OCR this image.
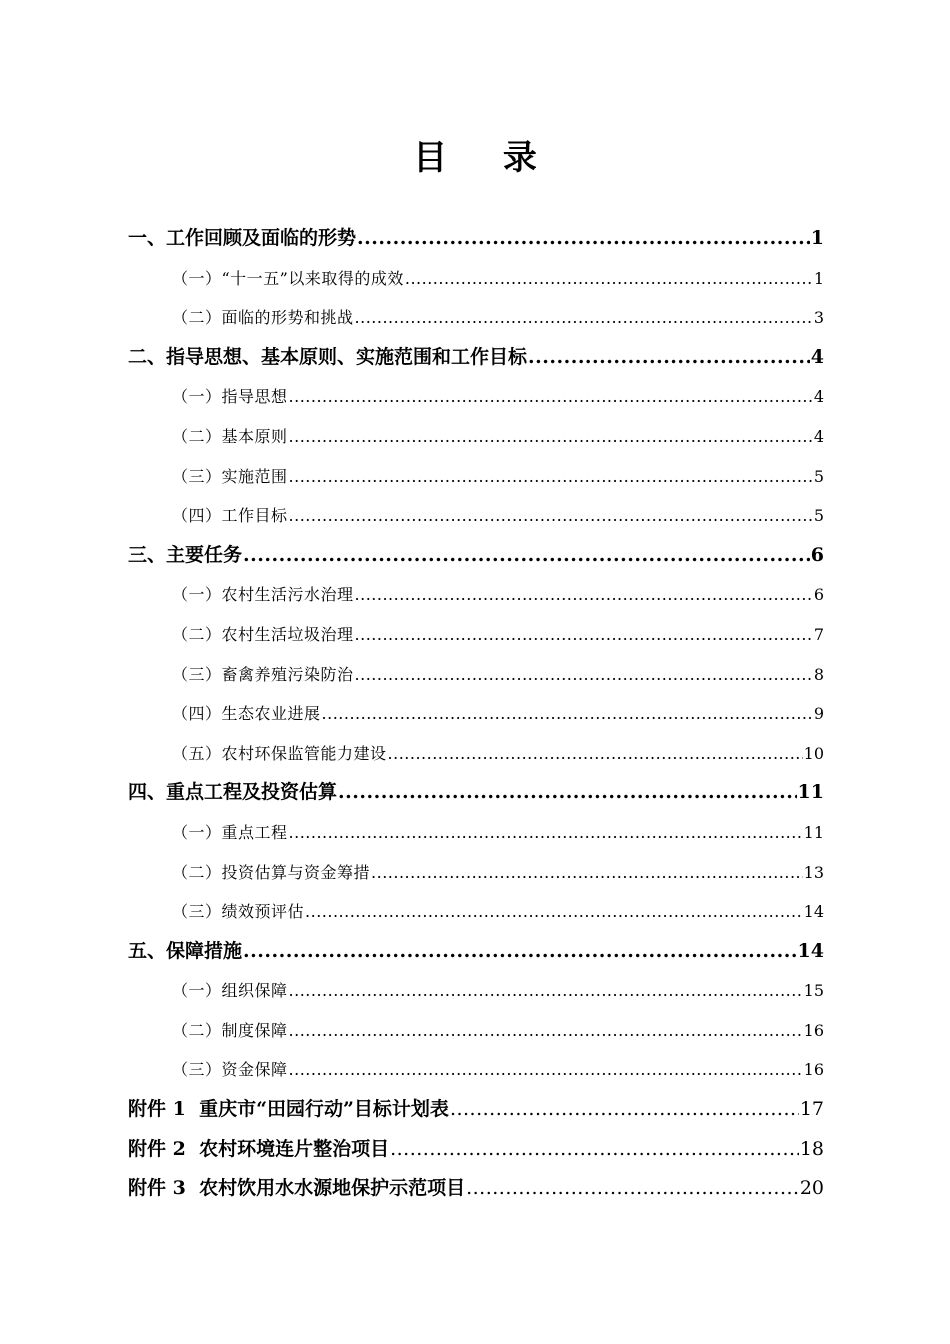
目 录
一、工作回顾及面临的形势 .....	1
（一）“十一五”以来取得的成效 .....	1
（二）面临的形势和挑战 .....	3
二、指导思想、基本原则、实施范围和工作目标 .....	4
（一）指导思想 .....	4
（二）基本原则 .....	4
（三）实施范围 .....	5
（四）工作目标 .....	5
三、主要任务 .....	6
（一）农村生活污水治理 .....	6
（二）农村生活垃圾治理 .....	7
（三）畜禽养殖污染防治 .....	8
（四）生态农业进展 .....	9
（五）农村环保监管能力建设 .....	10
四、重点工程及投资估算 .....	11
（一）重点工程 .....	11
（二）投资估算与资金筹措 .....	13
（三）绩效预评估 .....	14
五、保障措施 .....	14
（一）组织保障 .....	15
（二）制度保障 .....	16
（三）资金保障 .....	16
附件 1  重庆市“田园行动”目标计划表 .....	17
附件 2  农村环境连片整治项目 .....	18
附件 3  农村饮用水水源地保护示范项目 .....	20
